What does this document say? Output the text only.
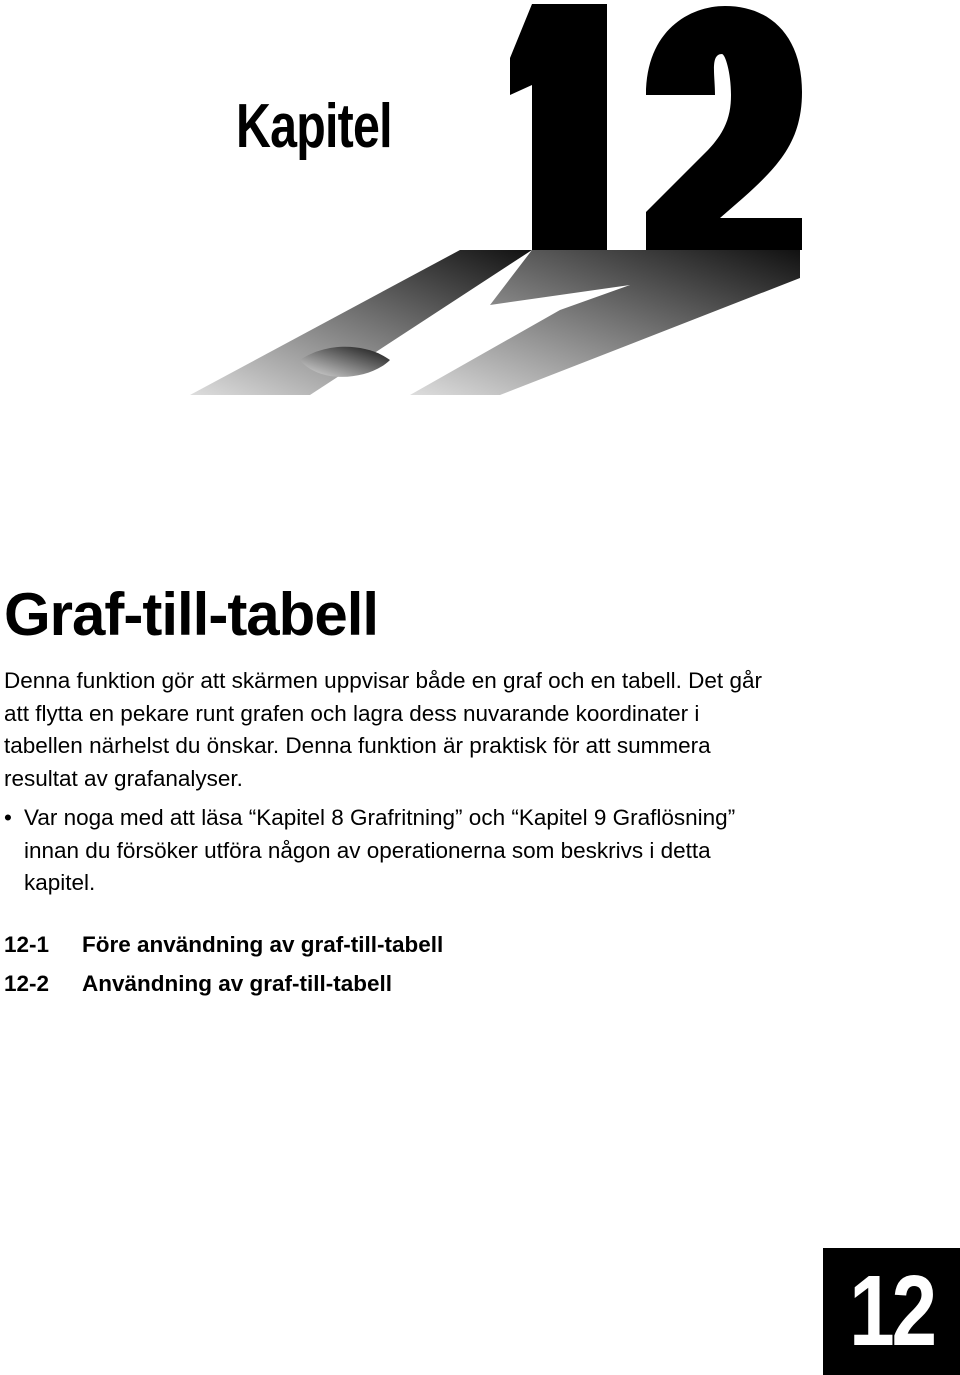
Kapitel
Graf-till-tabell

Denna funktion gör att skärmen uppvisar både en graf och en tabell. Det går att flytta en pekare runt grafen och lagra dess nuvarande koordinater i tabellen närhelst du önskar. Denna funktion är praktisk för att summera resultat av grafanalyser.

• Var noga med att läsa “Kapitel 8 Grafritning” och “Kapitel 9 Graflösning” innan du försöker utföra någon av operationerna som beskrivs i detta kapitel.
12-1 Före användning av graf-till-tabell
12-2 Användning av graf-till-tabell
12
